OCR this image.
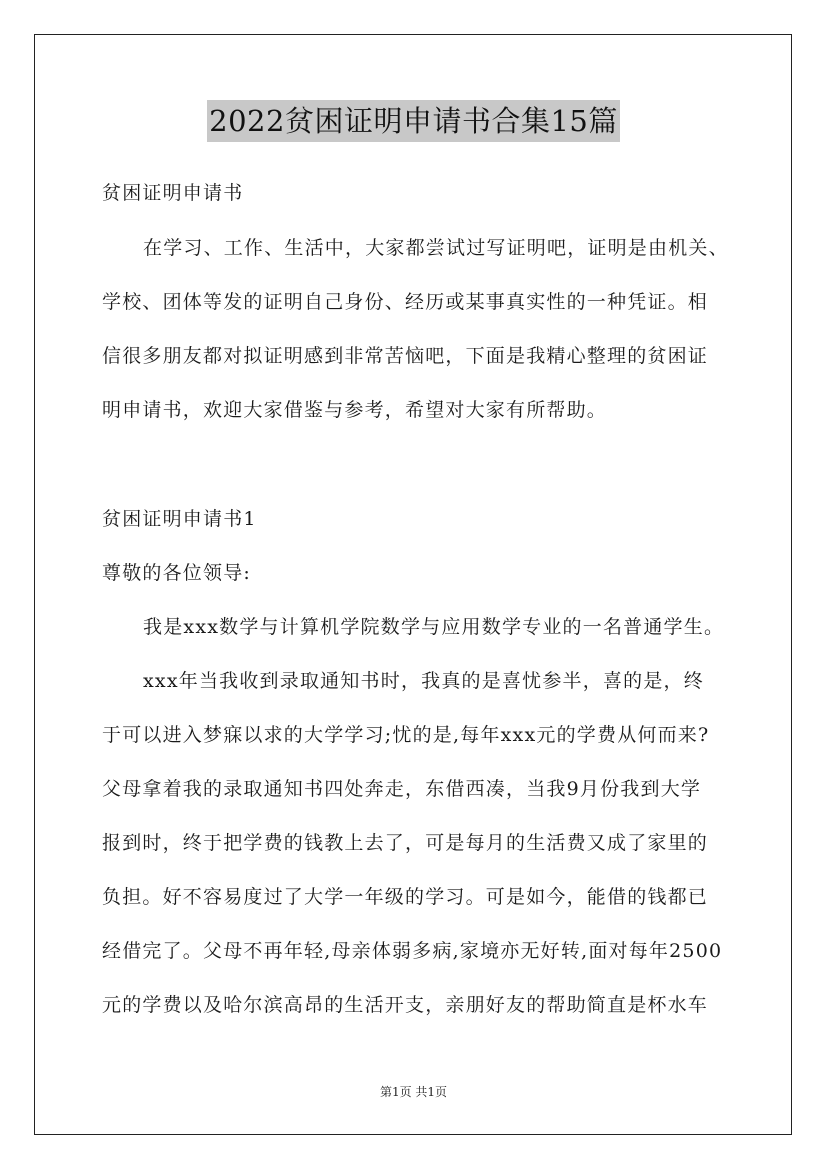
2022贫困证明申请书合集15篇
贫困证明申请书
在学习、工作、生活中，大家都尝试过写证明吧，证明是由机关、
学校、团体等发的证明自己身份、经历或某事真实性的一种凭证。相
信很多朋友都对拟证明感到非常苦恼吧，下面是我精心整理的贫困证
明申请书，欢迎大家借鉴与参考，希望对大家有所帮助。
贫困证明申请书1
尊敬的各位领导:
我是xxx数学与计算机学院数学与应用数学专业的一名普通学生。
xxx年当我收到录取通知书时，我真的是喜忧参半，喜的是，终
于可以进入梦寐以求的大学学习;忧的是,每年xxx元的学费从何而来?
父母拿着我的录取通知书四处奔走，东借西凑，当我9月份我到大学
报到时，终于把学费的钱教上去了，可是每月的生活费又成了家里的
负担。好不容易度过了大学一年级的学习。可是如今，能借的钱都已
经借完了。父母不再年轻,母亲体弱多病,家境亦无好转,面对每年2500
元的学费以及哈尔滨高昂的生活开支，亲朋好友的帮助简直是杯水车
第1页 共1页
